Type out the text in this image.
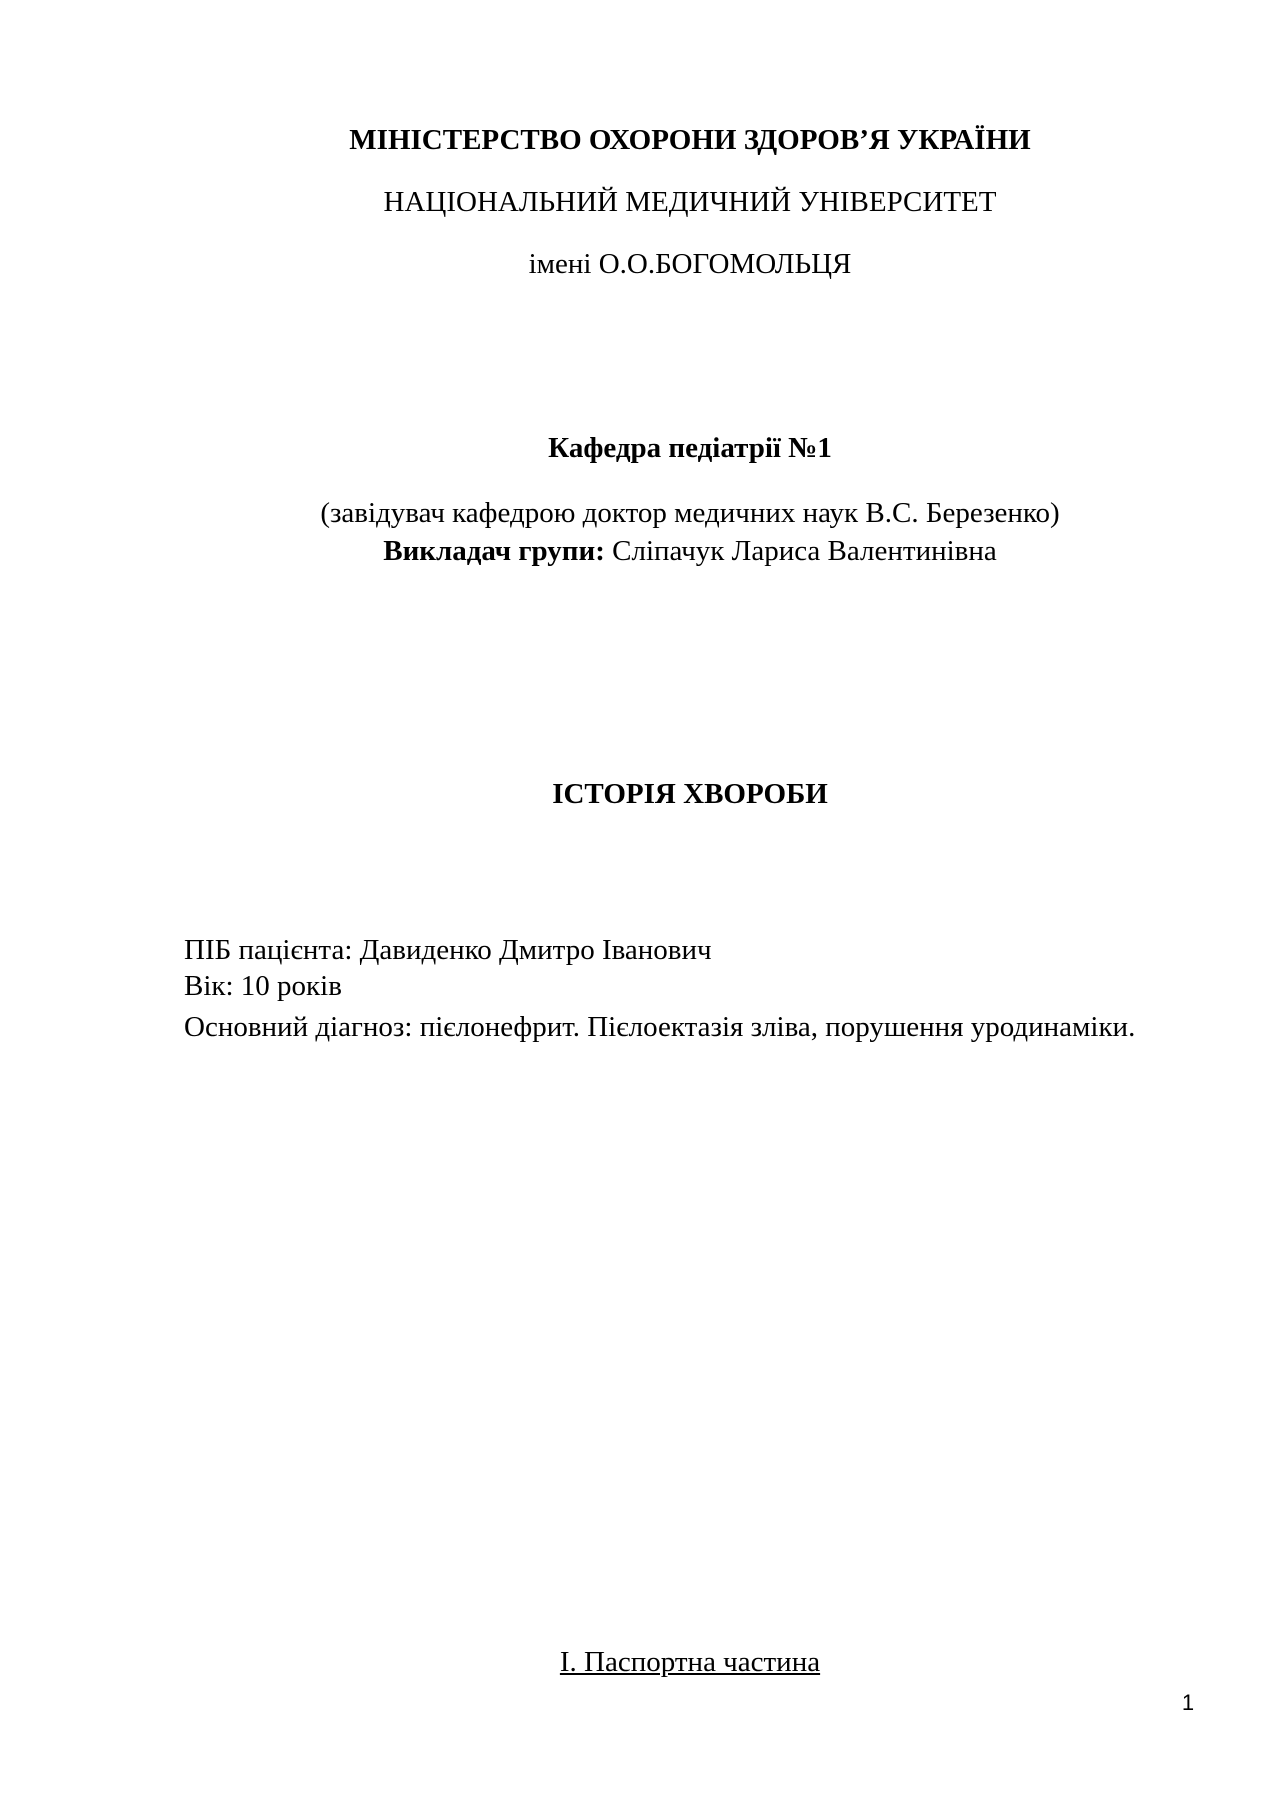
МІНІСТЕРСТВО ОХОРОНИ ЗДОРОВ’Я УКРАЇНИ
НАЦІОНАЛЬНИЙ МЕДИЧНИЙ УНІВЕРСИТЕТ
імені О.О.БОГОМОЛЬЦЯ
Кафедра педіатрії №1
(завідувач кафедрою доктор медичних наук В.С. Березенко)
Викладач групи: Сліпачук Лариса Валентинівна
ІСТОРІЯ ХВОРОБИ
ПІБ пацієнта: Давиденко Дмитро Іванович
Вік: 10 років
Основний діагноз: пієлонефрит. Пієлоектазія зліва, порушення уродинаміки.
І. Паспортна частина
1
